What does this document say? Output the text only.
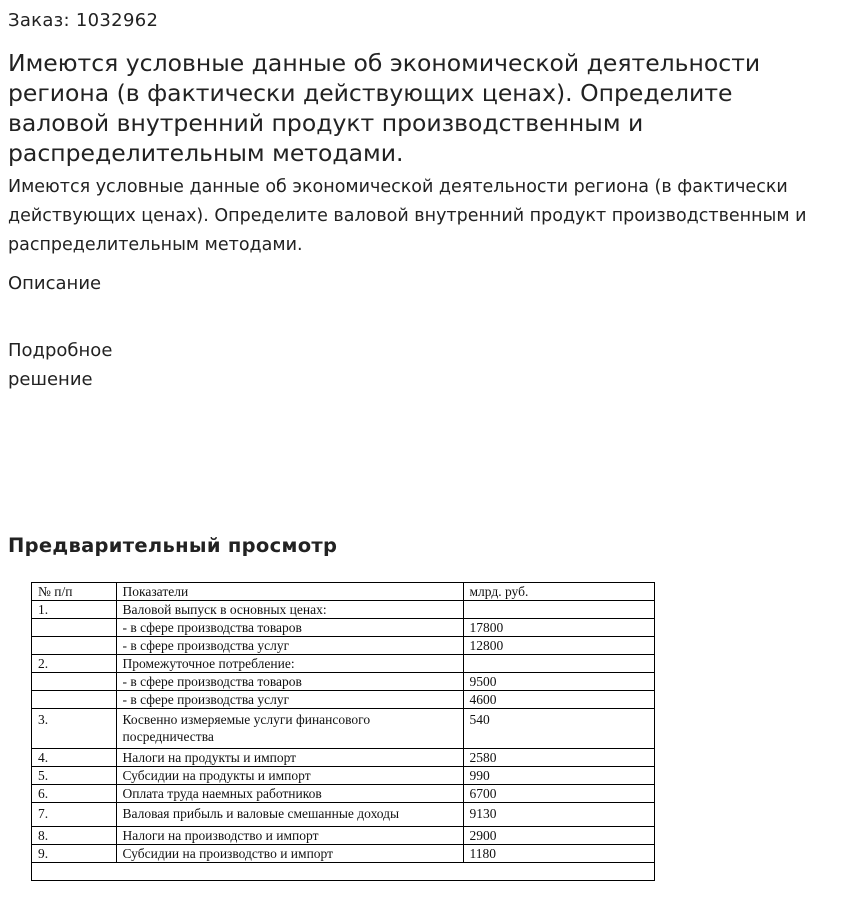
Заказ: 1032962
Имеются условные данные об экономической деятельности региона (в фактически действующих ценах). Определите валовой внутренний продукт производственным и распределительным методами.

Имеются условные данные об экономической деятельности региона (в фактически действующих ценах). Определите валовой внутренний продукт производственным и распределительным методами.

Описание
Подробное решение
Предварительный просмотр
№ п/п	Показатели	млрд. руб.
1.	Валовой выпуск в основных ценах:	
	- в сфере производства товаров	17800
	- в сфере производства услуг	12800
2.	Промежуточное потребление:	
	- в сфере производства товаров	9500
	- в сфере производства услуг	4600
3.	Косвенно измеряемые услуги финансового посредничества	540
4.	Налоги на продукты и импорт	2580
5.	Субсидии на продукты и импорт	990
6.	Оплата труда наемных работников	6700
7.	Валовая прибыль и валовые смешанные доходы	9130
8.	Налоги на производство и импорт	2900
9.	Субсидии на производство и импорт	1180
